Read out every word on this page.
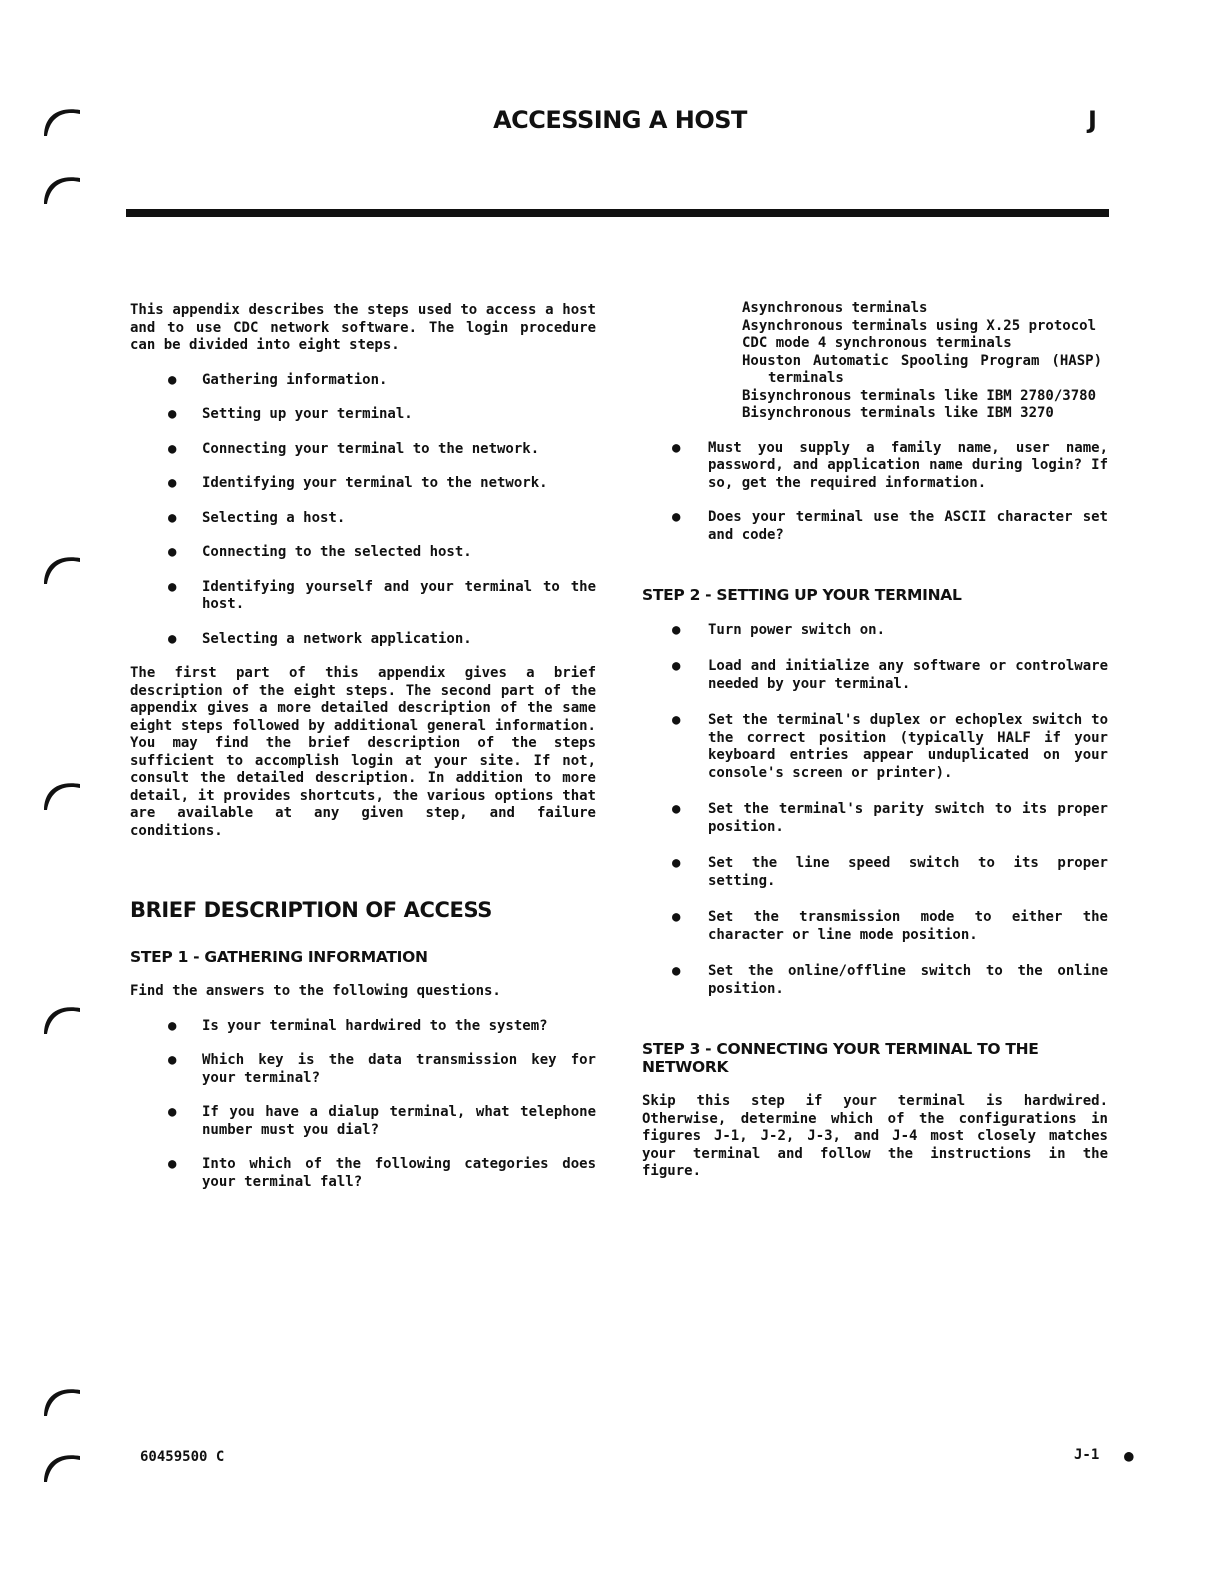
ACCESSING A HOST	J

This appendix describes the steps used to access a host and to use CDC network software. The login procedure can be divided into eight steps.

● Gathering information.
● Setting up your terminal.
● Connecting your terminal to the network.
● Identifying your terminal to the network.
● Selecting a host.
● Connecting to the selected host.
● Identifying yourself and your terminal to the host.
● Selecting a network application.

The first part of this appendix gives a brief description of the eight steps. The second part of the appendix gives a more detailed description of the same eight steps followed by additional general information. You may find the brief description of the steps sufficient to accomplish login at your site. If not, consult the detailed description. In addition to more detail, it provides shortcuts, the various options that are available at any given step, and failure conditions.

BRIEF DESCRIPTION OF ACCESS
STEP 1 - GATHERING INFORMATION

Find the answers to the following questions.

● Is your terminal hardwired to the system?
● Which key is the data transmission key for your terminal?
● If you have a dialup terminal, what telephone number must you dial?
● Into which of the following categories does your terminal fall?
Asynchronous terminals
Asynchronous terminals using X.25 protocol
CDC mode 4 synchronous terminals
Houston Automatic Spooling Program (HASP) terminals
Bisynchronous terminals like IBM 2780/3780
Bisynchronous terminals like IBM 3270
● Must you supply a family name, user name, password, and application name during login? If so, get the required information.
● Does your terminal use the ASCII character set and code?
STEP 2 - SETTING UP YOUR TERMINAL
● Turn power switch on.
● Load and initialize any software or controlware needed by your terminal.
● Set the terminal's duplex or echoplex switch to the correct position (typically HALF if your keyboard entries appear unduplicated on your console's screen or printer).
● Set the terminal's parity switch to its proper position.
● Set the line speed switch to its proper setting.
● Set the transmission mode to either the character or line mode position.
● Set the online/offline switch to the online position.
STEP 3 - CONNECTING YOUR TERMINAL TO THE NETWORK

Skip this step if your terminal is hardwired. Otherwise, determine which of the configurations in figures J-1, J-2, J-3, and J-4 most closely matches your terminal and follow the instructions in the figure.

60459500 C	J-1 ●
